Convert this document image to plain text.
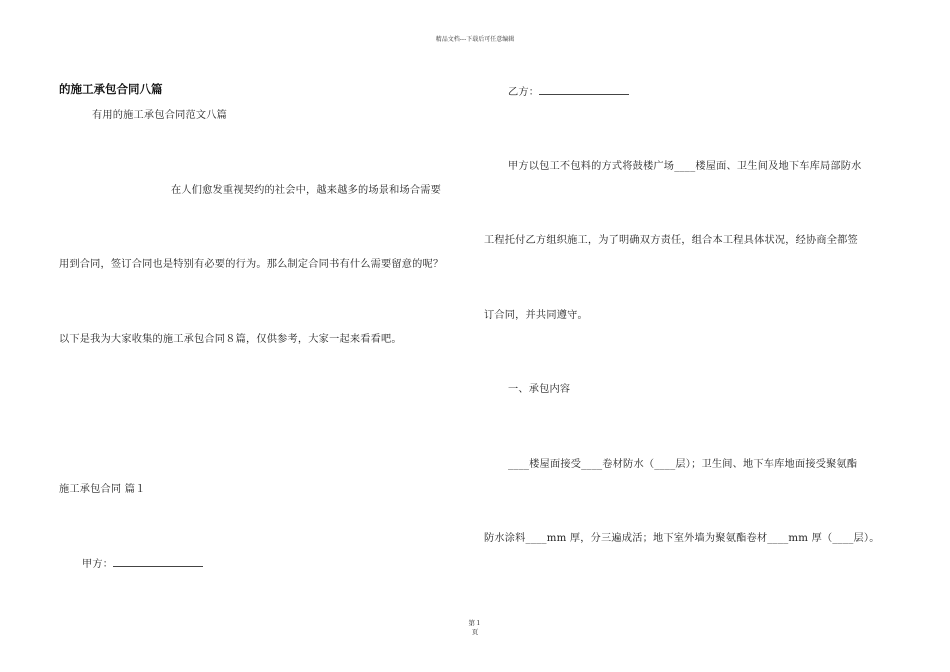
精品文档---下载后可任意编辑
的施工承包合同八篇
有用的施工承包合同范文八篇
在人们愈发重视契约的社会中，越来越多的场景和场合需要
用到合同，签订合同也是特别有必要的行为。那么制定合同书有什么需要留意的呢？
以下是我为大家收集的施工承包合同８篇，仅供参考，大家一起来看看吧。
施工承包合同 篇１
甲方：
乙方：
甲方以包工不包料的方式将鼓楼广场____楼屋面、卫生间及地下车库局部防水
工程托付乙方组织施工，为了明确双方责任，组合本工程具体状况，经协商全都签
订合同，并共同遵守。
一、承包内容
____楼屋面接受____卷材防水（____层）；卫生间、地下车库地面接受聚氨酯
防水涂料____mm 厚，分三遍成活；地下室外墙为聚氨酯卷材____mm 厚（____层）。
第１
页
